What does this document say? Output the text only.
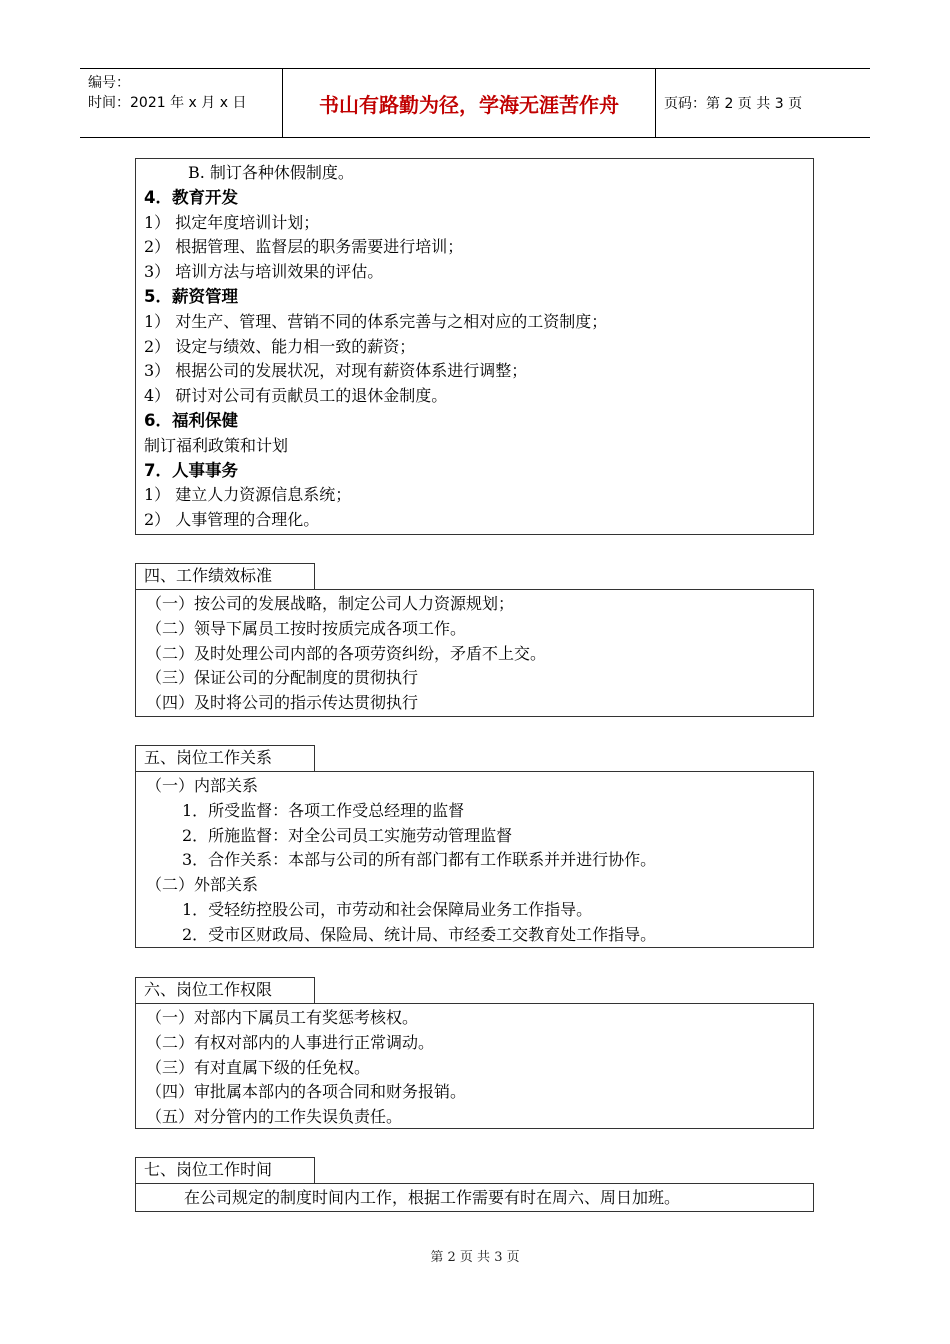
编号：
时间：2021 年 x 月 x 日	书山有路勤为径，学海无涯苦作舟	页码：第 2 页 共 3 页
B. 制订各种休假制度。
4．教育开发
1） 拟定年度培训计划；
2） 根据管理、监督层的职务需要进行培训；
3） 培训方法与培训效果的评估。
5．薪资管理
1） 对生产、管理、营销不同的体系完善与之相对应的工资制度；
2） 设定与绩效、能力相一致的薪资；
3） 根据公司的发展状况，对现有薪资体系进行调整；
4） 研讨对公司有贡献员工的退休金制度。
6．福利保健
制订福利政策和计划
7．人事事务
1） 建立人力资源信息系统；
2） 人事管理的合理化。
四、工作绩效标准
（一）按公司的发展战略，制定公司人力资源规划；
（二）领导下属员工按时按质完成各项工作。
（二）及时处理公司内部的各项劳资纠纷，矛盾不上交。
（三）保证公司的分配制度的贯彻执行
（四）及时将公司的指示传达贯彻执行
五、岗位工作关系
（一）内部关系
1．所受监督：各项工作受总经理的监督
2．所施监督：对全公司员工实施劳动管理监督
3．合作关系：本部与公司的所有部门都有工作联系并并进行协作。
（二）外部关系
1．受轻纺控股公司，市劳动和社会保障局业务工作指导。
2．受市区财政局、保险局、统计局、市经委工交教育处工作指导。
六、岗位工作权限
（一）对部内下属员工有奖惩考核权。
（二）有权对部内的人事进行正常调动。
（三）有对直属下级的任免权。
（四）审批属本部内的各项合同和财务报销。
（五）对分管内的工作失误负责任。
七、岗位工作时间
在公司规定的制度时间内工作，根据工作需要有时在周六、周日加班。
第 2 页 共 3 页
